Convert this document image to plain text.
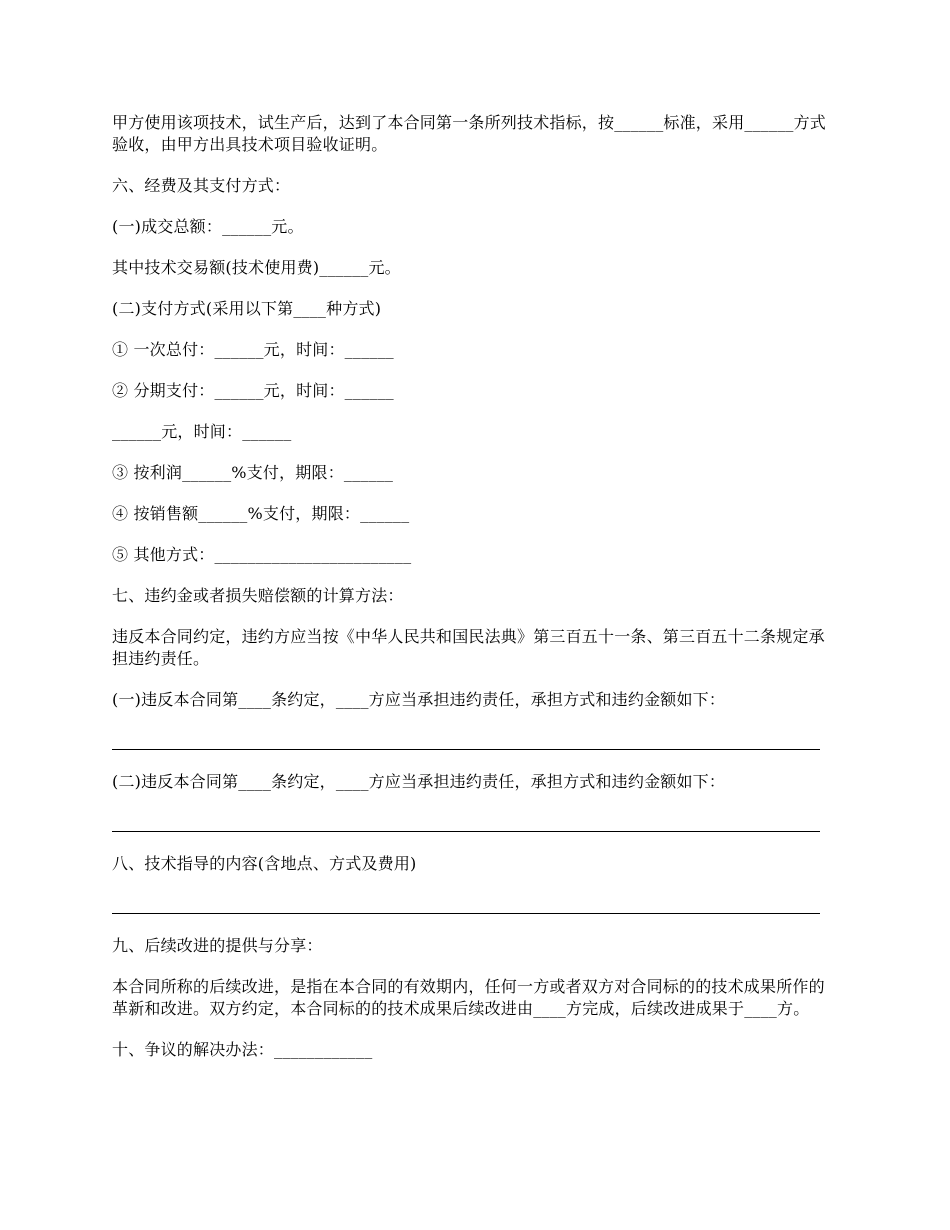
甲方使用该项技术，试生产后，达到了本合同第一条所列技术指标，按______标准，采用______方式验收，由甲方出具技术项目验收证明。

六、经费及其支付方式：

(一)成交总额：______元。

其中技术交易额(技术使用费)______元。

(二)支付方式(采用以下第____种方式)

① 一次总付：______元，时间：______

② 分期支付：______元，时间：______

______元，时间：______

③ 按利润______%支付，期限：______

④ 按销售额______%支付，期限：______

⑤ 其他方式：________________________

七、违约金或者损失赔偿额的计算方法：

违反本合同约定，违约方应当按《中华人民共和国民法典》第三百五十一条、第三百五十二条规定承担违约责任。

(一)违反本合同第____条约定，____方应当承担违约责任，承担方式和违约金额如下：

(二)违反本合同第____条约定，____方应当承担违约责任，承担方式和违约金额如下：

八、技术指导的内容(含地点、方式及费用)

九、后续改进的提供与分享：

本合同所称的后续改进，是指在本合同的有效期内，任何一方或者双方对合同标的的技术成果所作的革新和改进。双方约定，本合同标的的技术成果后续改进由____方完成，后续改进成果于____方。

十、争议的解决办法：____________
